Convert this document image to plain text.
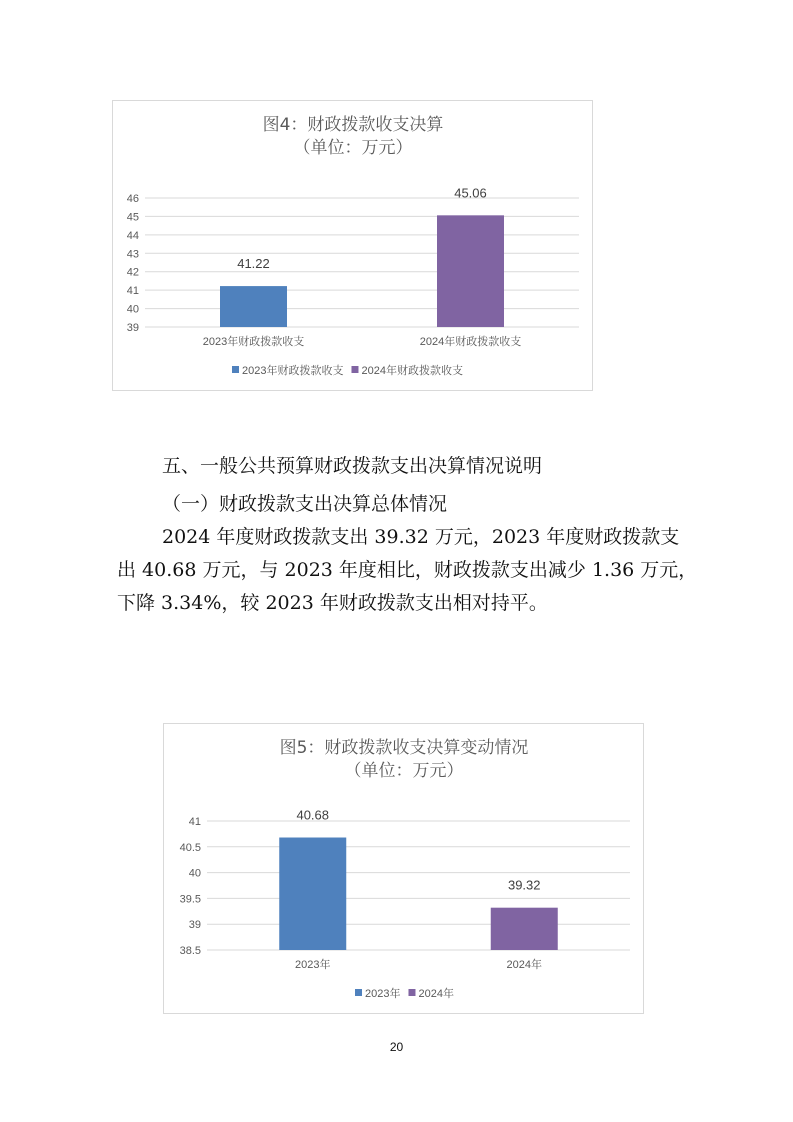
图4：财政拨款收支决算
（单位：万元）
39
40
41
42
43
44
45
46
41.22
2023年财政拨款收支
45.06
2024年财政拨款收支
2023年财政拨款收支 2024年财政拨款收支
五、一般公共预算财政拨款支出决算情况说明
（一）财政拨款支出决算总体情况
2024 年度财政拨款支出 39.32 万元，2023 年度财政拨款支
出 40.68 万元，与 2023 年度相比，财政拨款支出减少 1.36 万元，
下降 3.34%，较 2023 年财政拨款支出相对持平。
图5：财政拨款收支决算变动情况
（单位：万元）
38.5
39
39.5
40
40.5
41	40.68
2023年
39.32
2024年
2023年 2024年
20
